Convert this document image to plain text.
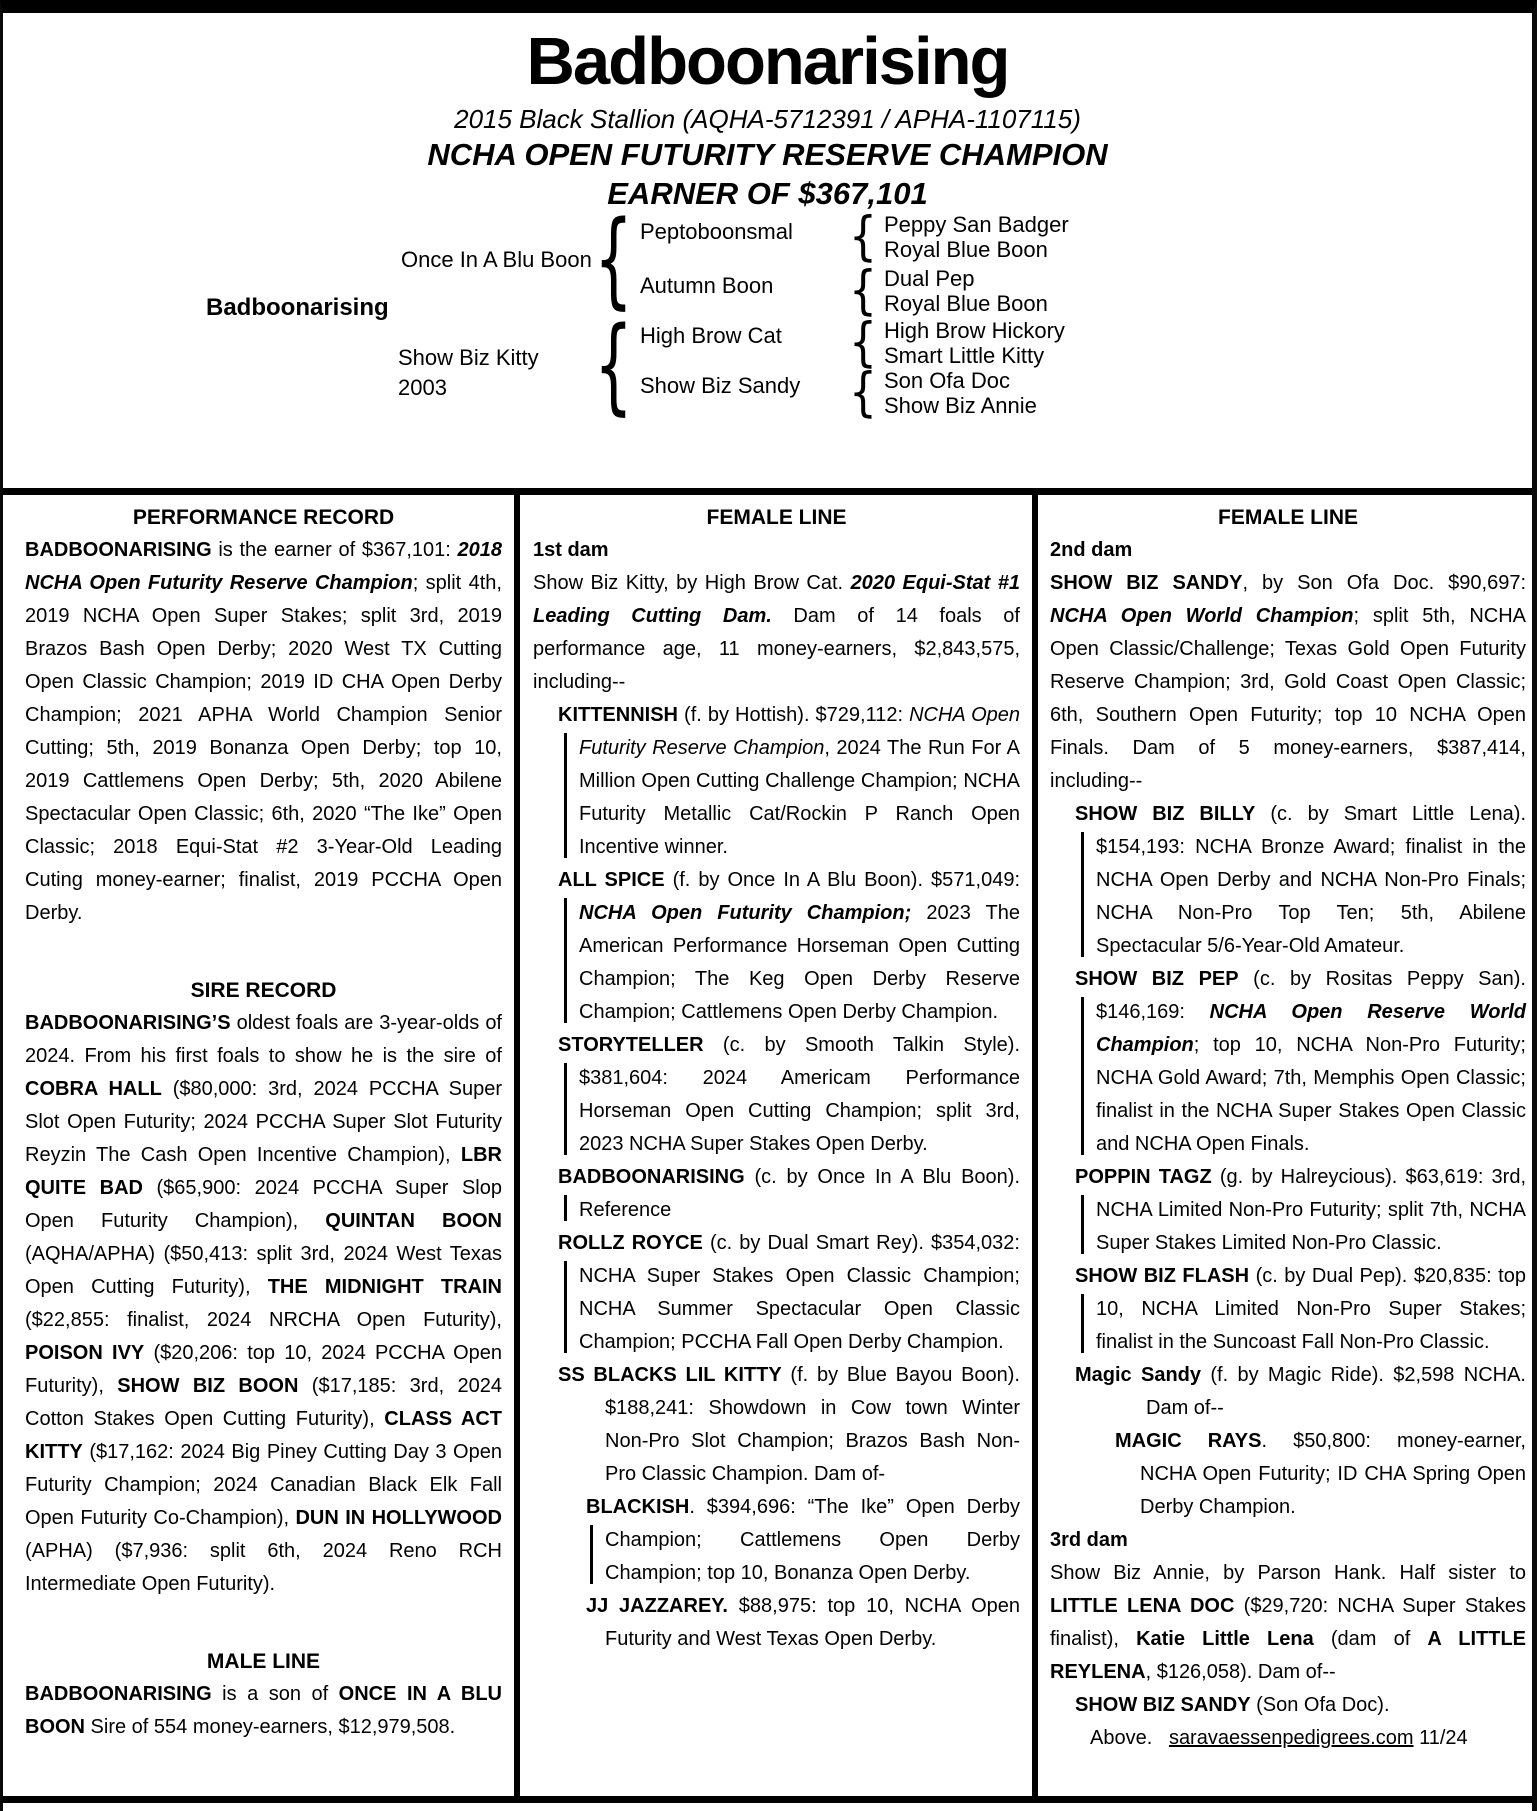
Badboonarising
2015 Black Stallion (AQHA-5712391 / APHA-1107115)
NCHA OPEN FUTURITY RESERVE CHAMPION
EARNER OF $367,101
Badboonarising
Once In A Blu Boon
Show Biz Kitty
2003
{
{
Peptoboonsmal
Autumn Boon
High Brow Cat
Show Biz Sandy
{ Peppy San Badger
Royal Blue Boon
{ Dual Pep
Royal Blue Boon
{ High Brow Hickory
Smart Little Kitty
{ Son Ofa Doc
Show Biz Annie
PERFORMANCE RECORD

BADBOONARISING is the earner of $367,101: 2018 NCHA Open Futurity Reserve Champion; split 4th, 2019 NCHA Open Super Stakes; split 3rd, 2019 Brazos Bash Open Derby; 2020 West TX Cutting Open Classic Champion; 2019 ID CHA Open Derby Champion; 2021 APHA World Champion Senior Cutting; 5th, 2019 Bonanza Open Derby; top 10, 2019 Cattlemens Open Derby; 5th, 2020 Abilene Spectacular Open Classic; 6th, 2020 “The Ike” Open Classic; 2018 Equi-Stat #2 3-Year-Old Leading Cuting money-earner; finalist, 2019 PCCHA Open Derby.

SIRE RECORD

BADBOONARISING’S oldest foals are 3-year-olds of 2024. From his first foals to show he is the sire of COBRA HALL ($80,000: 3rd, 2024 PCCHA Super Slot Open Futurity; 2024 PCCHA Super Slot Futurity Reyzin The Cash Open Incentive Champion), LBR QUITE BAD ($65,900: 2024 PCCHA Super Slop Open Futurity Champion), QUINTAN BOON (AQHA/APHA) ($50,413: split 3rd, 2024 West Texas Open Cutting Futurity), THE MIDNIGHT TRAIN ($22,855: finalist, 2024 NRCHA Open Futurity), POISON IVY ($20,206: top 10, 2024 PCCHA Open Futurity), SHOW BIZ BOON ($17,185: 3rd, 2024 Cotton Stakes Open Cutting Futurity), CLASS ACT KITTY ($17,162: 2024 Big Piney Cutting Day 3 Open Futurity Champion; 2024 Canadian Black Elk Fall Open Futurity Co-Champion), DUN IN HOLLYWOOD (APHA) ($7,936: split 6th, 2024 Reno RCH Intermediate Open Futurity).

MALE LINE

BADBOONARISING is a son of ONCE IN A BLU BOON Sire of 554 money-earners, $12,979,508.

FEMALE LINE
1st dam

Show Biz Kitty, by High Brow Cat. 2020 Equi-Stat #1 Leading Cutting Dam. Dam of 14 foals of performance age, 11 money-earners, $2,843,575, including--

KITTENNISH (f. by Hottish). $729,112: NCHA Open Futurity Reserve Champion, 2024 The Run For A Million Open Cutting Challenge Champion; NCHA Futurity Metallic Cat/Rockin P Ranch Open Incentive winner.
ALL SPICE (f. by Once In A Blu Boon). $571,049: NCHA Open Futurity Champion; 2023 The American Performance Horseman Open Cutting Champion; The Keg Open Derby Reserve Champion; Cattlemens Open Derby Champion.
STORYTELLER (c. by Smooth Talkin Style). $381,604: 2024 Americam Performance Horseman Open Cutting Champion; split 3rd, 2023 NCHA Super Stakes Open Derby.
BADBOONARISING (c. by Once In A Blu Boon). Reference
ROLLZ ROYCE (c. by Dual Smart Rey). $354,032: NCHA Super Stakes Open Classic Champion; NCHA Summer Spectacular Open Classic Champion; PCCHA Fall Open Derby Champion.
SS BLACKS LIL KITTY (f. by Blue Bayou Boon). $188,241: Showdown in Cow town Winter Non-Pro Slot Champion; Brazos Bash Non-Pro Classic Champion. Dam of-
BLACKISH. $394,696: “The Ike” Open Derby Champion; Cattlemens Open Derby Champion; top 10, Bonanza Open Derby.
JJ JAZZAREY. $88,975: top 10, NCHA Open Futurity and West Texas Open Derby.
FEMALE LINE
2nd dam

SHOW BIZ SANDY, by Son Ofa Doc. $90,697: NCHA Open World Champion; split 5th, NCHA Open Classic/Challenge; Texas Gold Open Futurity Reserve Champion; 3rd, Gold Coast Open Classic; 6th, Southern Open Futurity; top 10 NCHA Open Finals. Dam of 5 money-earners, $387,414, including--

SHOW BIZ BILLY (c. by Smart Little Lena). $154,193: NCHA Bronze Award; finalist in the NCHA Open Derby and NCHA Non-Pro Finals; NCHA Non-Pro Top Ten; 5th, Abilene Spectacular 5/6-Year-Old Amateur.
SHOW BIZ PEP (c. by Rositas Peppy San). $146,169: NCHA Open Reserve World Champion; top 10, NCHA Non-Pro Futurity; NCHA Gold Award; 7th, Memphis Open Classic; finalist in the NCHA Super Stakes Open Classic and NCHA Open Finals.
POPPIN TAGZ (g. by Halreycious). $63,619: 3rd, NCHA Limited Non-Pro Futurity; split 7th, NCHA Super Stakes Limited Non-Pro Classic.
SHOW BIZ FLASH (c. by Dual Pep). $20,835: top 10, NCHA Limited Non-Pro Super Stakes; finalist in the Suncoast Fall Non-Pro Classic.
Magic Sandy (f. by Magic Ride). $2,598 NCHA. Dam of--
MAGIC RAYS. $50,800: money-earner, NCHA Open Futurity; ID CHA Spring Open Derby Champion.
3rd dam

Show Biz Annie, by Parson Hank. Half sister to LITTLE LENA DOC ($29,720: NCHA Super Stakes finalist), Katie Little Lena (dam of A LITTLE REYLENA, $126,058). Dam of--

SHOW BIZ SANDY (Son Ofa Doc).
Above. saravaessenpedigrees.com 11/24
